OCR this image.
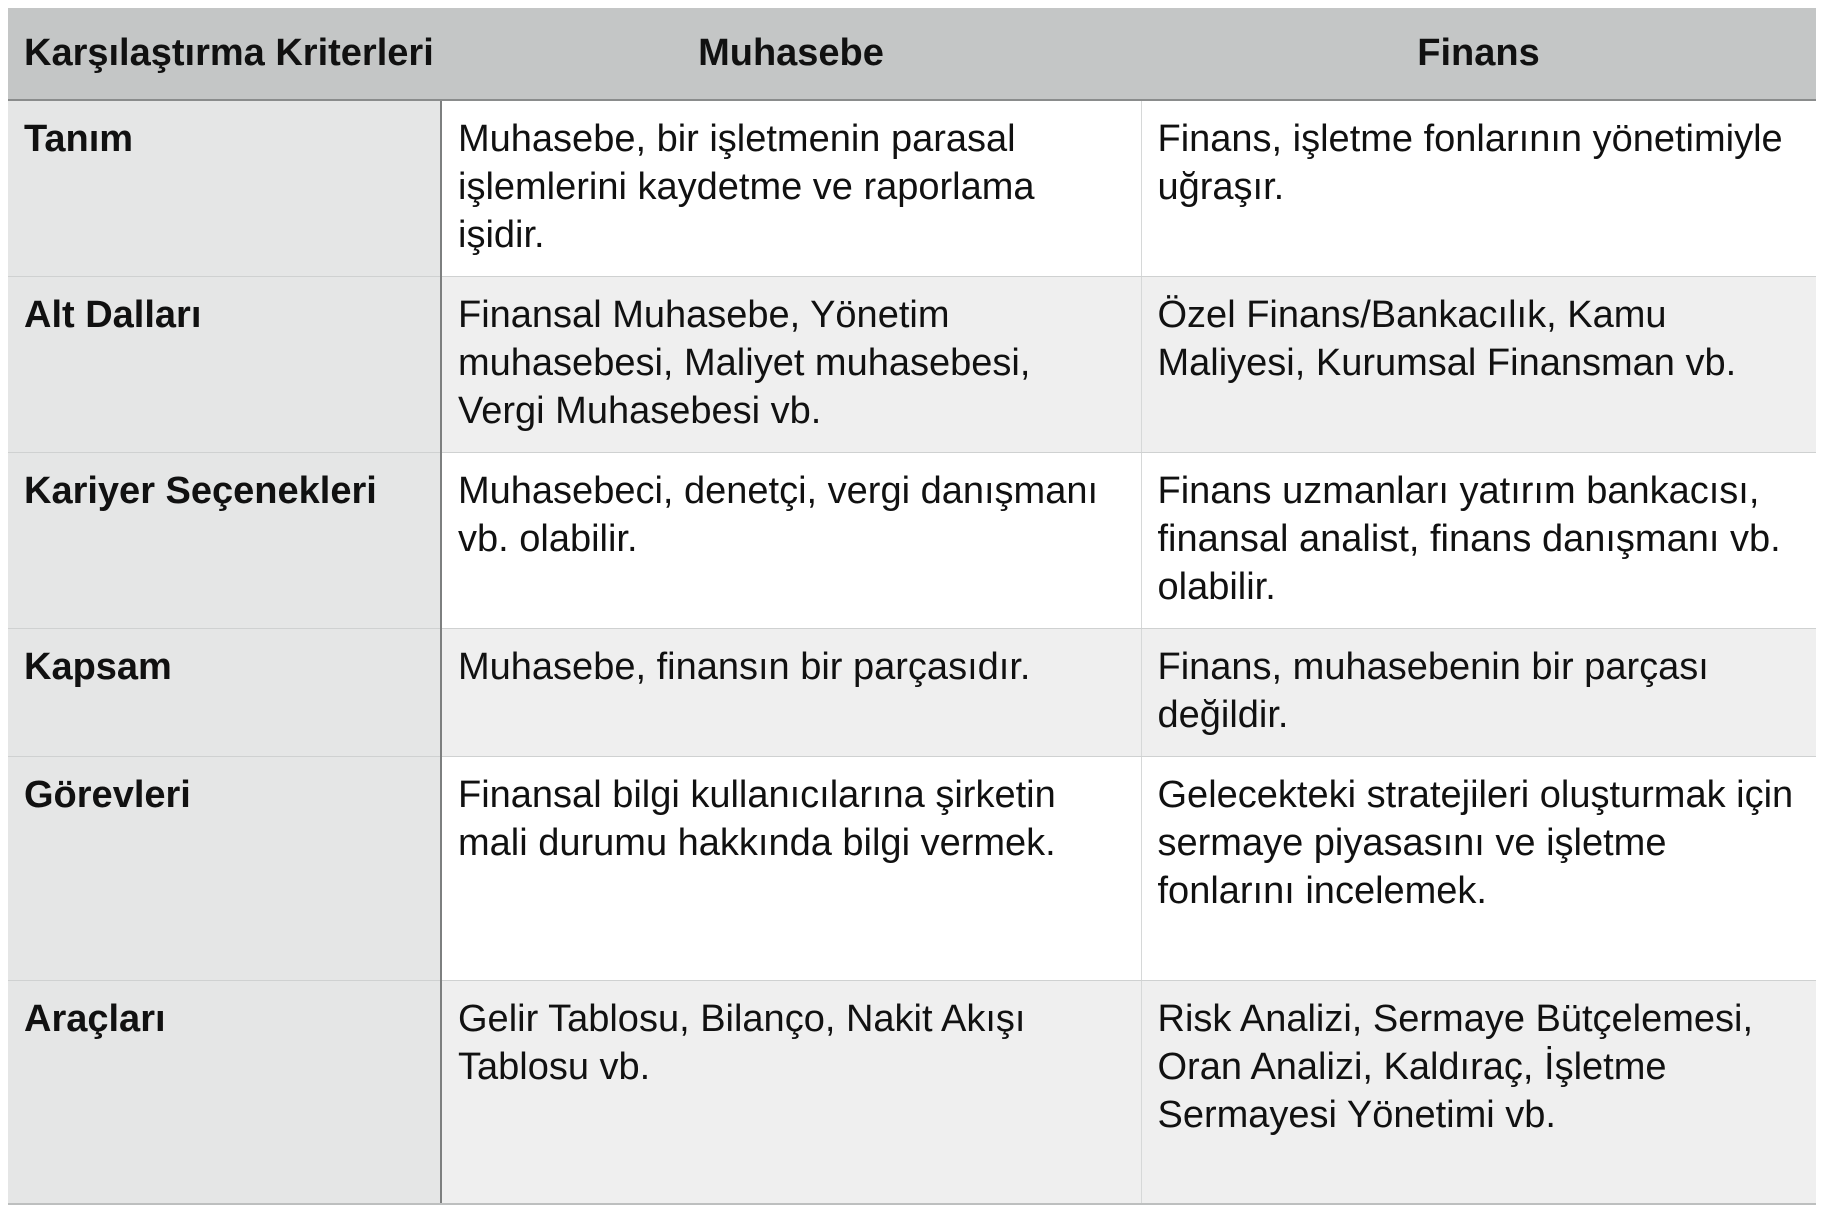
Karşılaştırma Kriterleri	Muhasebe	Finans
Tanım	Muhasebe, bir işletmenin parasal işlemlerini kaydetme ve raporlama işidir.	Finans, işletme fonlarının yönetimiyle uğraşır.
Alt Dalları	Finansal Muhasebe, Yönetim muhasebesi, Maliyet muhasebesi, Vergi Muhasebesi vb.	Özel Finans/Bankacılık, Kamu Maliyesi, Kurumsal Finansman vb.
Kariyer Seçenekleri	Muhasebeci, denetçi, vergi danışmanı vb. olabilir.	Finans uzmanları yatırım bankacısı, finansal analist, finans danışmanı vb. olabilir.
Kapsam	Muhasebe, finansın bir parçasıdır.	Finans, muhasebenin bir parçası değildir.
Görevleri	Finansal bilgi kullanıcılarına şirketin mali durumu hakkında bilgi vermek.	Gelecekteki stratejileri oluşturmak için sermaye piyasasını ve işletme fonlarını incelemek.
Araçları	Gelir Tablosu, Bilanço, Nakit Akışı Tablosu vb.	Risk Analizi, Sermaye Bütçelemesi, Oran Analizi, Kaldıraç, İşletme Sermayesi Yönetimi vb.
